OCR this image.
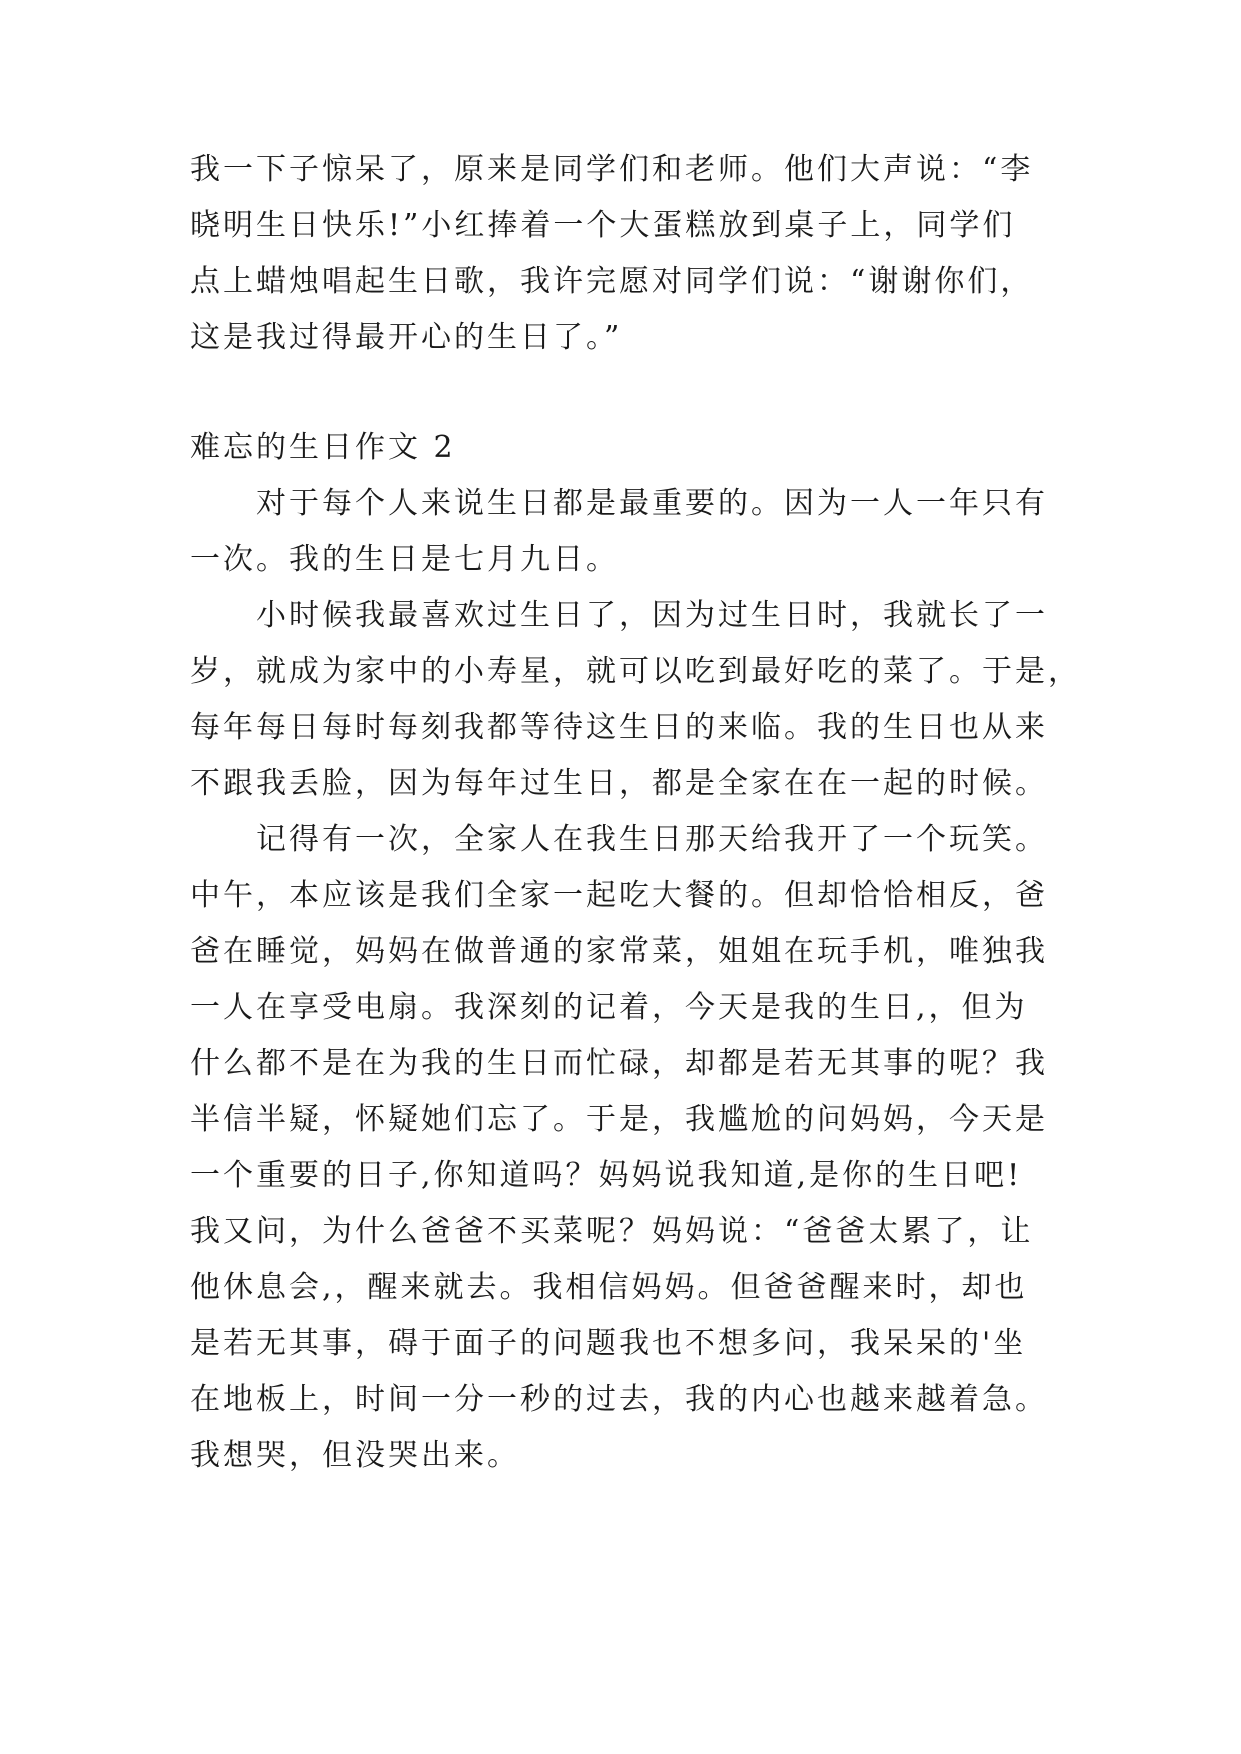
我一下子惊呆了，原来是同学们和老师。他们大声说：“李
晓明生日快乐!”小红捧着一个大蛋糕放到桌子上，同学们
点上蜡烛唱起生日歌，我许完愿对同学们说：“谢谢你们，
这是我过得最开心的生日了。”
难忘的生日作文 2
对于每个人来说生日都是最重要的。因为一人一年只有
一次。我的生日是七月九日。
小时候我最喜欢过生日了，因为过生日时，我就长了一
岁，就成为家中的小寿星，就可以吃到最好吃的菜了。于是，
每年每日每时每刻我都等待这生日的来临。我的生日也从来
不跟我丢脸，因为每年过生日，都是全家在在一起的时候。
记得有一次，全家人在我生日那天给我开了一个玩笑。
中午，本应该是我们全家一起吃大餐的。但却恰恰相反，爸
爸在睡觉，妈妈在做普通的家常菜，姐姐在玩手机，唯独我
一人在享受电扇。我深刻的记着，今天是我的生日,，但为
什么都不是在为我的生日而忙碌，却都是若无其事的呢？我
半信半疑，怀疑她们忘了。于是，我尴尬的问妈妈，今天是
一个重要的日子,你知道吗？妈妈说我知道,是你的生日吧!
我又问，为什么爸爸不买菜呢？妈妈说：“爸爸太累了，让
他休息会,，醒来就去。我相信妈妈。但爸爸醒来时，却也
是若无其事，碍于面子的问题我也不想多问，我呆呆的'坐
在地板上，时间一分一秒的过去，我的内心也越来越着急。
我想哭，但没哭出来。
